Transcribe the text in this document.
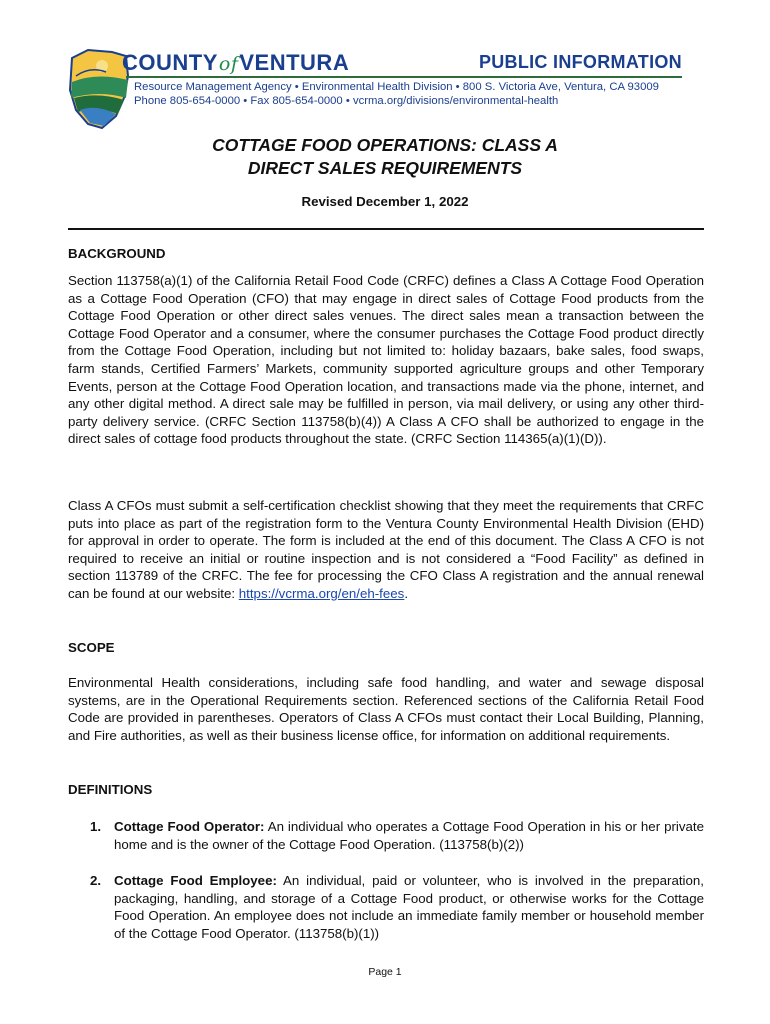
COUNTYofVENTURA	PUBLIC INFORMATION
Resource Management Agency • Environmental Health Division • 800 S. Victoria Ave, Ventura, CA 93009
Phone 805-654-0000 • Fax 805-654-0000 • vcrma.org/divisions/environmental-health
COTTAGE FOOD OPERATIONS: CLASS A
DIRECT SALES REQUIREMENTS
Revised December 1, 2022
BACKGROUND
Section 113758(a)(1) of the California Retail Food Code (CRFC) defines a Class A Cottage Food Operation as a Cottage Food Operation (CFO) that may engage in direct sales of Cottage Food products from the Cottage Food Operation or other direct sales venues. The direct sales mean a transaction between the Cottage Food Operator and a consumer, where the consumer purchases the Cottage Food product directly from the Cottage Food Operation, including but not limited to: holiday bazaars, bake sales, food swaps, farm stands, Certified Farmers’ Markets, community supported agriculture groups and other Temporary Events, person at the Cottage Food Operation location, and transactions made via the phone, internet, and any other digital method. A direct sale may be fulfilled in person, via mail delivery, or using any other third-party delivery service. (CRFC Section 113758(b)(4)) A Class A CFO shall be authorized to engage in the direct sales of cottage food products throughout the state. (CRFC Section 114365(a)(1)(D)).
Class A CFOs must submit a self-certification checklist showing that they meet the requirements that CRFC puts into place as part of the registration form to the Ventura County Environmental Health Division (EHD) for approval in order to operate. The form is included at the end of this document. The Class A CFO is not required to receive an initial or routine inspection and is not considered a “Food Facility” as defined in section 113789 of the CRFC. The fee for processing the CFO Class A registration and the annual renewal can be found at our website: https://vcrma.org/en/eh-fees.
SCOPE
Environmental Health considerations, including safe food handling, and water and sewage disposal systems, are in the Operational Requirements section. Referenced sections of the California Retail Food Code are provided in parentheses. Operators of Class A CFOs must contact their Local Building, Planning, and Fire authorities, as well as their business license office, for information on additional requirements.
DEFINITIONS
1. Cottage Food Operator: An individual who operates a Cottage Food Operation in his or her private home and is the owner of the Cottage Food Operation. (113758(b)(2))
2. Cottage Food Employee: An individual, paid or volunteer, who is involved in the preparation, packaging, handling, and storage of a Cottage Food product, or otherwise works for the Cottage Food Operation. An employee does not include an immediate family member or household member of the Cottage Food Operator. (113758(b)(1))
Page 1
